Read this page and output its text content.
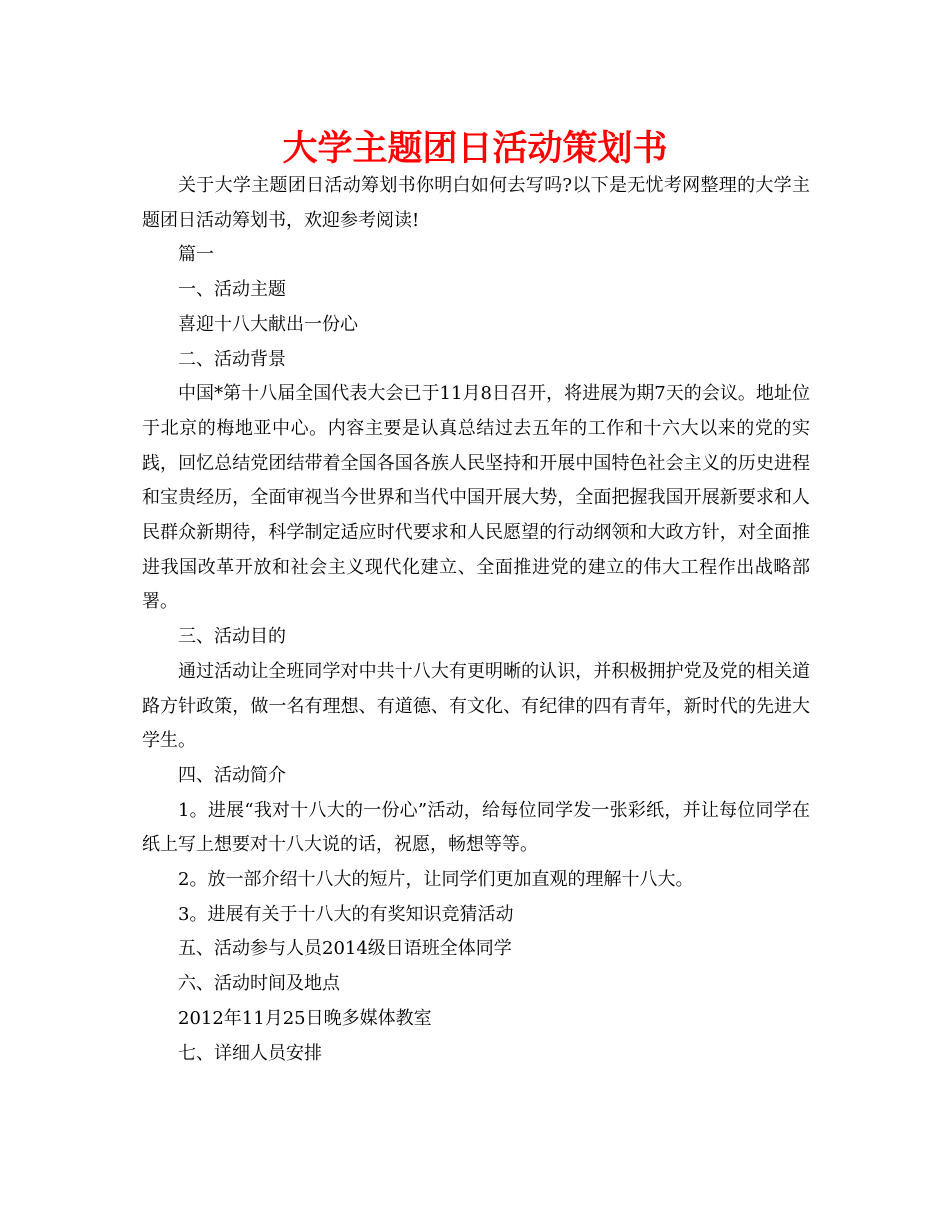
大学主题团日活动策划书

关于大学主题团日活动筹划书你明白如何去写吗?以下是无忧考网整理的大学主题团日活动筹划书，欢迎参考阅读!

篇一

一、活动主题

喜迎十八大献出一份心

二、活动背景

中国*第十八届全国代表大会已于11月8日召开，将进展为期7天的会议。地址位于北京的梅地亚中心。内容主要是认真总结过去五年的工作和十六大以来的党的实践，回忆总结党团结带着全国各国各族人民坚持和开展中国特色社会主义的历史进程和宝贵经历，全面审视当今世界和当代中国开展大势，全面把握我国开展新要求和人民群众新期待，科学制定适应时代要求和人民愿望的行动纲领和大政方针，对全面推进我国改革开放和社会主义现代化建立、全面推进党的建立的伟大工程作出战略部署。

三、活动目的

通过活动让全班同学对中共十八大有更明晰的认识，并积极拥护党及党的相关道路方针政策，做一名有理想、有道德、有文化、有纪律的四有青年，新时代的先进大学生。

四、活动简介

1。进展“我对十八大的一份心”活动，给每位同学发一张彩纸，并让每位同学在纸上写上想要对十八大说的话，祝愿，畅想等等。

2。放一部介绍十八大的短片，让同学们更加直观的理解十八大。

3。进展有关于十八大的有奖知识竞猜活动

五、活动参与人员2014级日语班全体同学

六、活动时间及地点

2012年11月25日晚多媒体教室

七、详细人员安排
